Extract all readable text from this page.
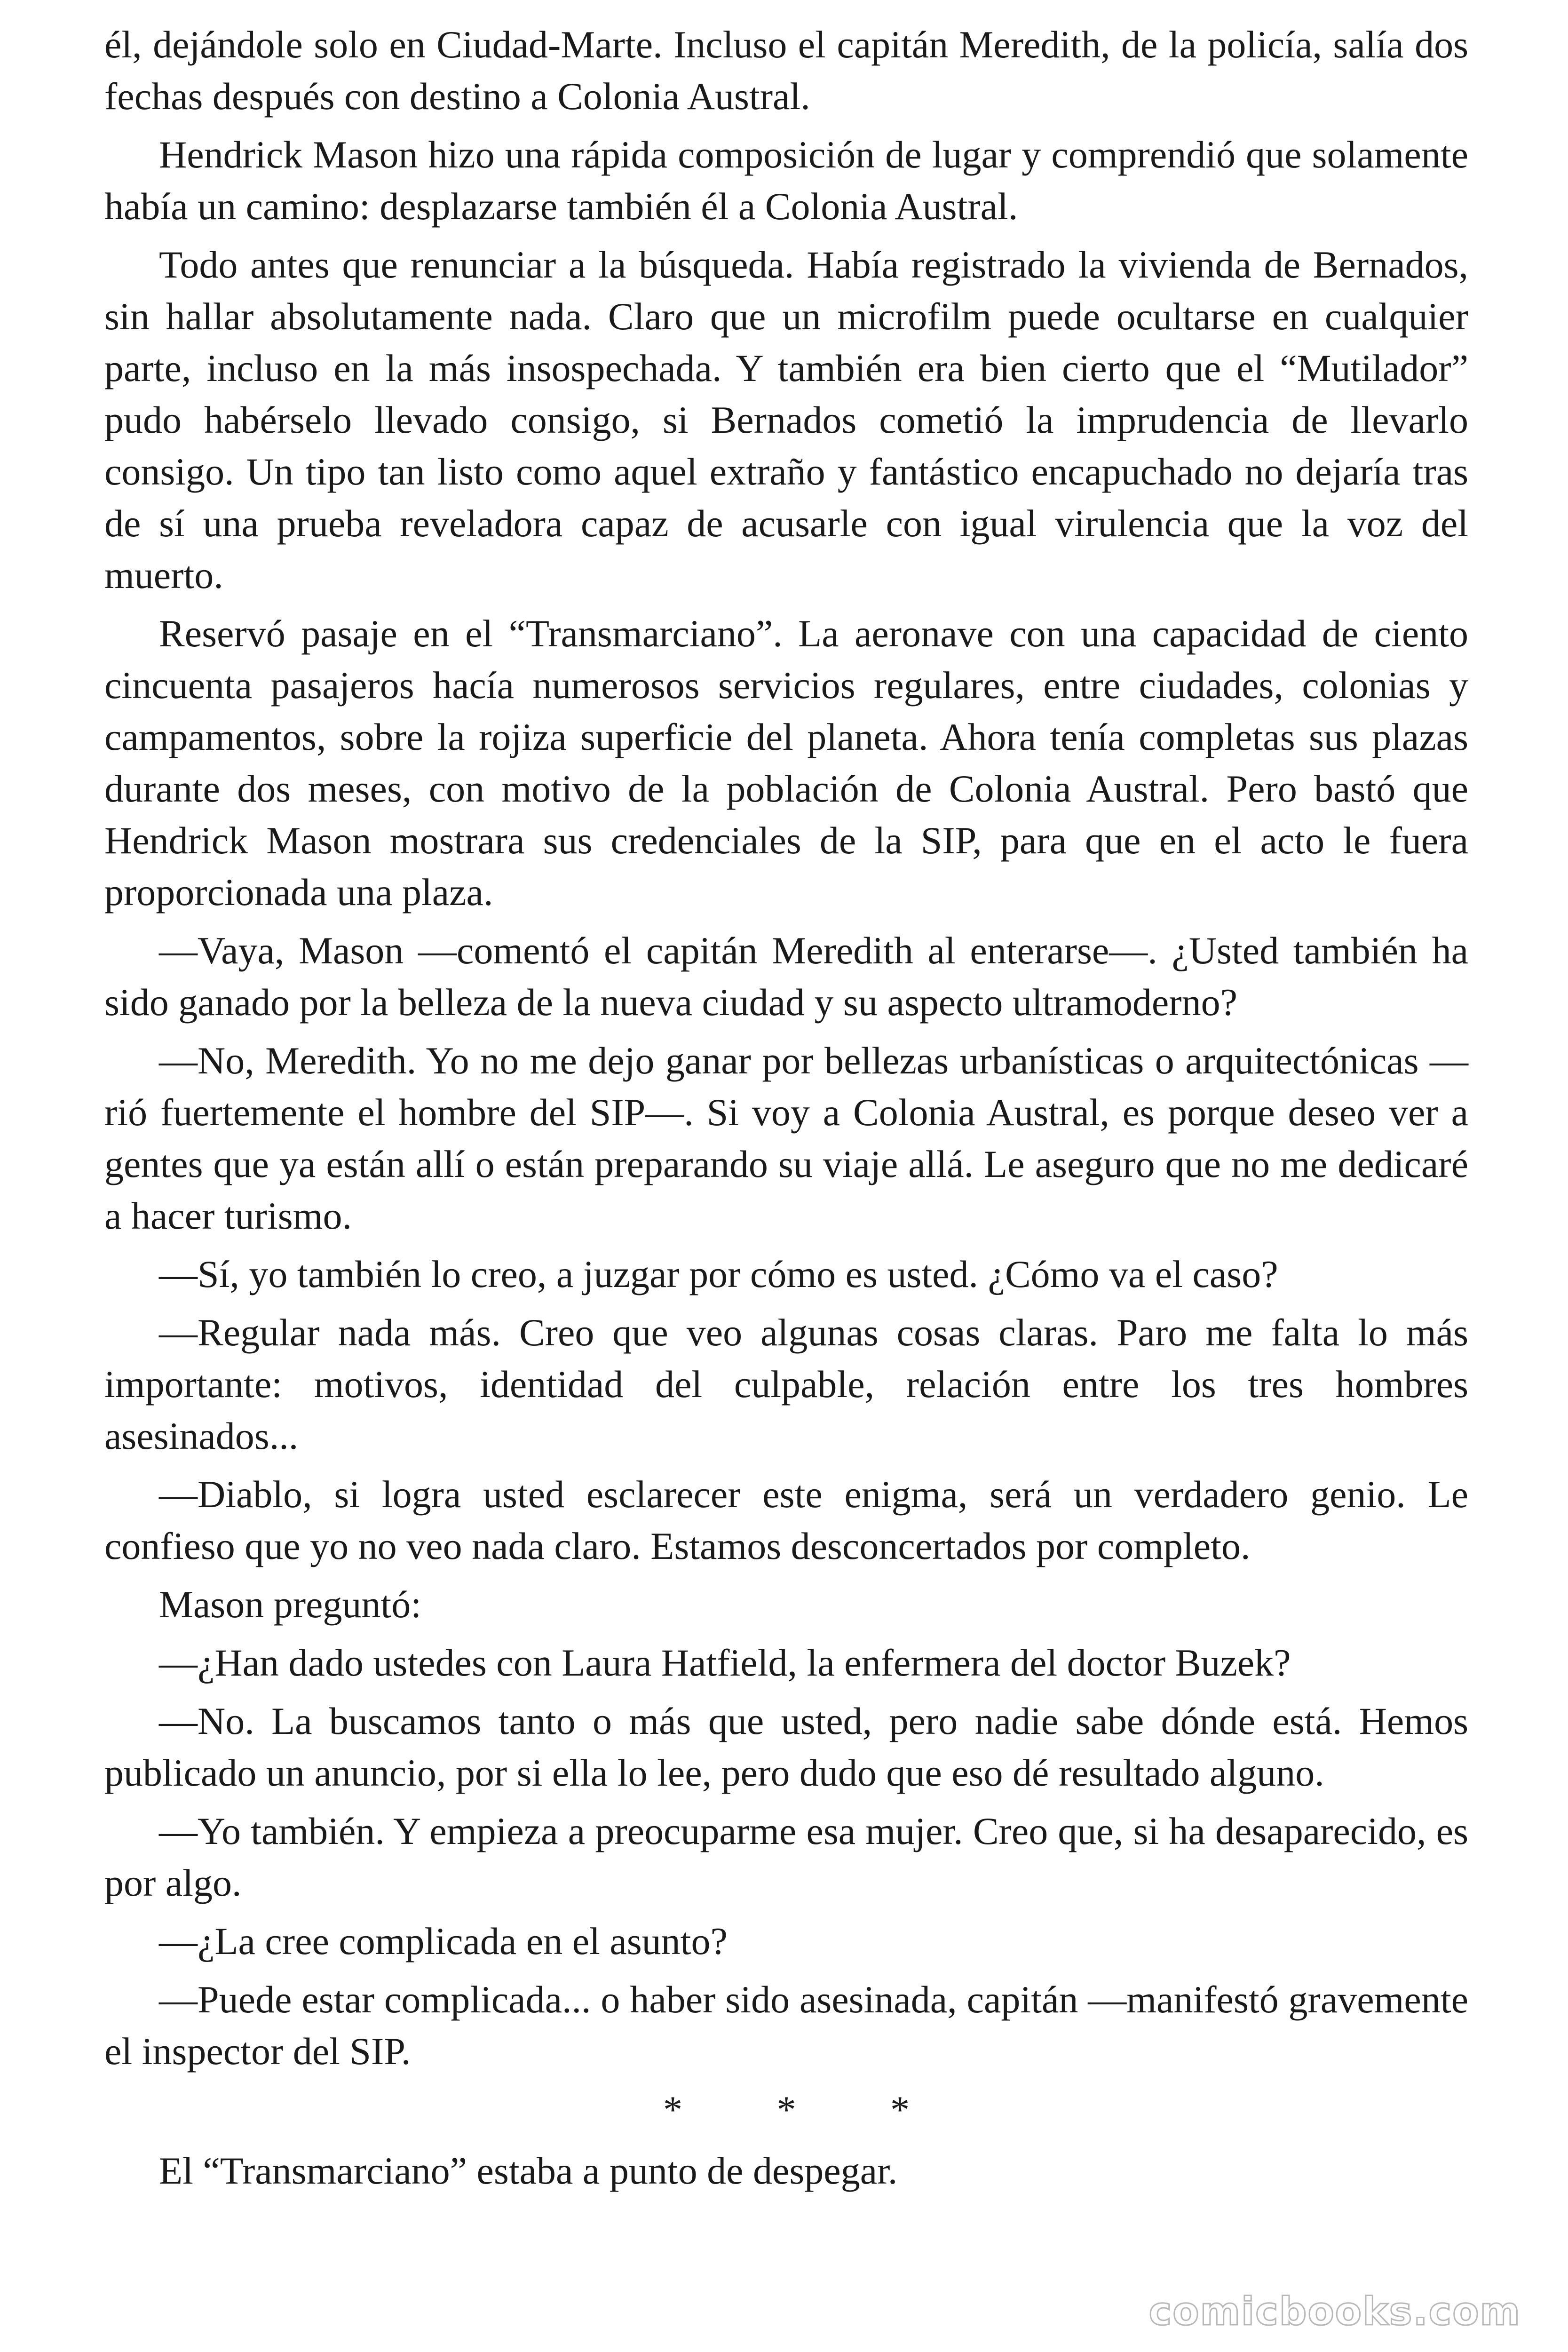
él, dejándole solo en Ciudad-Marte. Incluso el capitán Meredith, de la policía, salía dos fechas después con destino a Colonia Austral.

Hendrick Mason hizo una rápida composición de lugar y comprendió que solamente había un camino: desplazarse también él a Colonia Austral.

Todo antes que renunciar a la búsqueda. Había registrado la vivienda de Bernados, sin hallar absolutamente nada. Claro que un microfilm puede ocultarse en cualquier parte, incluso en la más insospechada. Y también era bien cierto que el “Mutilador” pudo habérselo llevado consigo, si Bernados cometió la imprudencia de llevarlo consigo. Un tipo tan listo como aquel extraño y fantástico encapuchado no dejaría tras de sí una prueba reveladora capaz de acusarle con igual virulencia que la voz del muerto.

Reservó pasaje en el “Transmarciano”. La aeronave con una capacidad de ciento cincuenta pasajeros hacía numerosos servicios regulares, entre ciudades, colonias y campamentos, sobre la rojiza superficie del planeta. Ahora tenía completas sus plazas durante dos meses, con motivo de la población de Colonia Austral. Pero bastó que Hendrick Mason mostrara sus credenciales de la SIP, para que en el acto le fuera proporcionada una plaza.

—Vaya, Mason —comentó el capitán Meredith al enterarse—. ¿Usted también ha sido ganado por la belleza de la nueva ciudad y su aspecto ultramoderno?

—No, Meredith. Yo no me dejo ganar por bellezas urbanísticas o arquitectónicas —rió fuertemente el hombre del SIP—. Si voy a Colonia Austral, es porque deseo ver a gentes que ya están allí o están preparando su viaje allá. Le aseguro que no me dedicaré a hacer turismo.

—Sí, yo también lo creo, a juzgar por cómo es usted. ¿Cómo va el caso?

—Regular nada más. Creo que veo algunas cosas claras. Paro me falta lo más importante: motivos, identidad del culpable, relación entre los tres hombres asesinados...

—Diablo, si logra usted esclarecer este enigma, será un verdadero genio. Le confieso que yo no veo nada claro. Estamos desconcertados por completo.

Mason preguntó:

—¿Han dado ustedes con Laura Hatfield, la enfermera del doctor Buzek?

—No. La buscamos tanto o más que usted, pero nadie sabe dónde está. Hemos publicado un anuncio, por si ella lo lee, pero dudo que eso dé resultado alguno.

—Yo también. Y empieza a preocuparme esa mujer. Creo que, si ha desaparecido, es por algo.

—¿La cree complicada en el asunto?

—Puede estar complicada... o haber sido asesinada, capitán —manifestó gravemente el inspector del SIP.

* * *

El “Transmarciano” estaba a punto de despegar.

comicbooks.com
